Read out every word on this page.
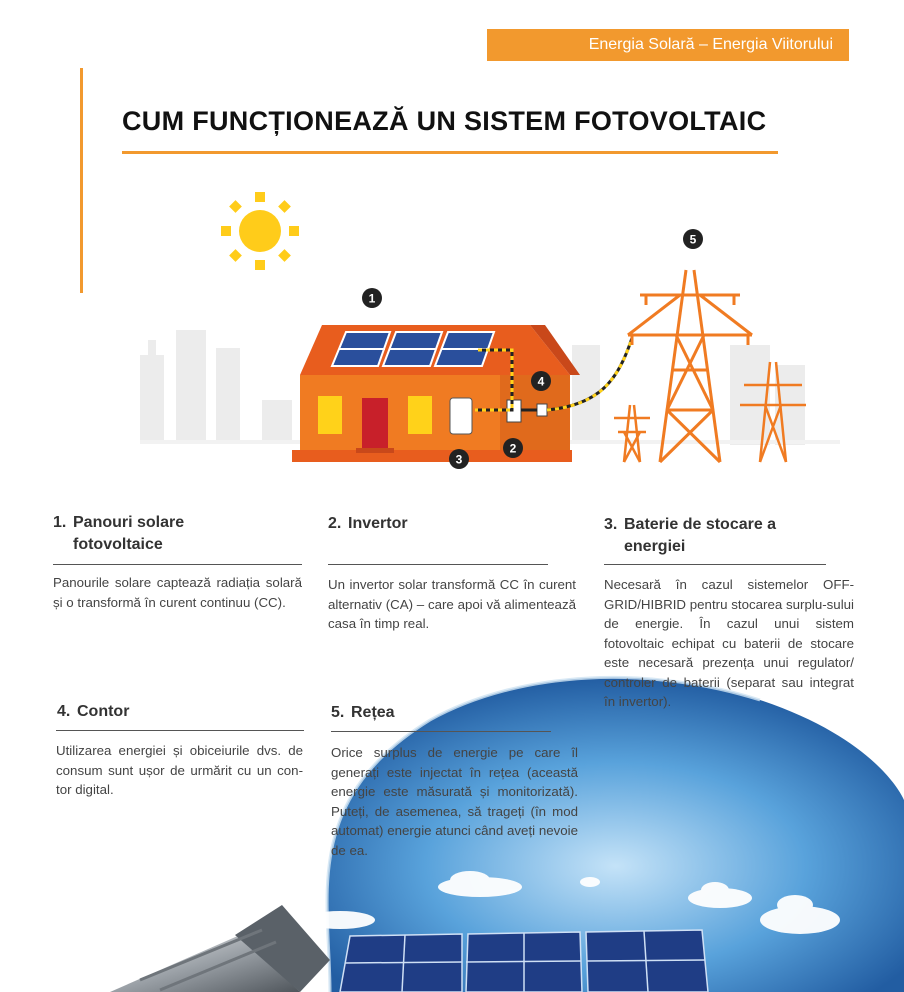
Energia Solară – Energia Viitorului
CUM FUNCȚIONEAZĂ UN SISTEM FOTOVOLTAIC
1
2
3
4
5
1. Panouri solare
fotovoltaice
Panourile solare captează radiația solară și o transformă în curent continuu (CC).
2. Invertor
Un invertor solar transformă CC în curent alternativ (CA) – care apoi vă alimentează casa în timp real.
3. Baterie de stocare a
energiei
Necesară în cazul sistemelor OFF-GRID/HIBRID pentru stocarea surplu-sului de energie. În cazul unui sistem fotovoltaic echipat cu baterii de stocare este necesară prezența unui regulator/ controler de baterii (separat sau integrat în invertor).
4. Contor
Utilizarea energiei și obiceiurile dvs. de consum sunt ușor de urmărit cu un con-tor digital.
5. Rețea
Orice surplus de energie pe care îl generați este injectat în rețea (această energie este măsurată și monitorizată). Puteți, de asemenea, să trageți (în mod automat) energie atunci când aveți nevoie de ea.
